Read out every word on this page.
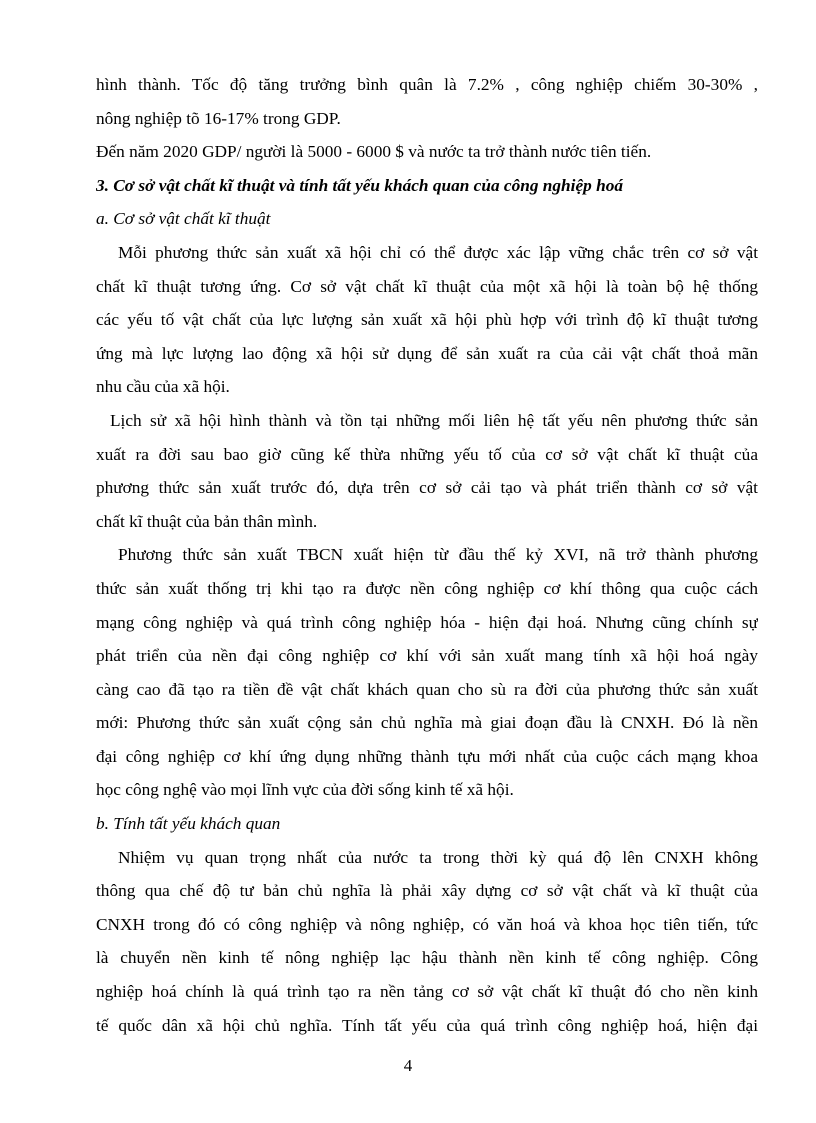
hình thành. Tốc độ tăng trưởng bình quân là 7.2% , công nghiệp chiếm 30-30% ,
nông nghiệp tõ 16-17% trong GDP.
Đến năm 2020 GDP/ người là 5000 - 6000 $ và nước ta trở thành nước tiên tiến.
3. Cơ sở vật chất kĩ thuật và tính tất yếu khách quan của công nghiệp hoá
a. Cơ sở vật chất kĩ thuật
Mỗi phương thức sản xuất xã hội chỉ có thể được xác lập vững chắc trên cơ sở vật
chất kĩ thuật tương ứng. Cơ sở vật chất kĩ thuật của một xã hội là toàn bộ hệ thống
các yếu tố vật chất của lực lượng sản xuất xã hội phù hợp với trình độ kĩ thuật tương
ứng mà lực lượng lao động xã hội sử dụng để sản xuất ra của cải vật chất thoả mãn
nhu cầu của xã hội.
Lịch sử xã hội hình thành và tồn tại những mối liên hệ tất yếu nên phương thức sản
xuất ra đời sau bao giờ cũng kế thừa những yếu tố của cơ sở vật chất kĩ thuật của
phương thức sản xuất trước đó, dựa trên cơ sở cải tạo và phát triển thành cơ sở vật
chất kĩ thuật của bản thân mình.
Phương thức sản xuất TBCN xuất hiện từ đầu thế kỷ XVI, nã trở thành phương
thức sản xuất thống trị khi tạo ra được nền công nghiệp cơ khí thông qua cuộc cách
mạng công nghiệp và quá trình công nghiệp hóa - hiện đại hoá. Nhưng cũng chính sự
phát triển của nền đại công nghiệp cơ khí với sản xuất mang tính xã hội hoá ngày
càng cao đã tạo ra tiền đề vật chất khách quan cho sù ra đời của phương thức sản xuất
mới: Phương thức sản xuất cộng sản chủ nghĩa mà giai đoạn đầu là CNXH. Đó là nền
đại công nghiệp cơ khí ứng dụng những thành tựu mới nhất của cuộc cách mạng khoa
học công nghệ vào mọi lĩnh vực của đời sống kinh tế xã hội.
b. Tính tất yếu khách quan
Nhiệm vụ quan trọng nhất của nước ta trong thời kỳ quá độ lên CNXH không
thông qua chế độ tư bản chủ nghĩa là phải xây dựng cơ sở vật chất và kĩ thuật của
CNXH trong đó có công nghiệp và nông nghiệp, có văn hoá và khoa học tiên tiến, tức
là chuyển nền kinh tế nông nghiệp lạc hậu thành nền kinh tế công nghiệp. Công
nghiệp hoá chính là quá trình tạo ra nền tảng cơ sở vật chất kĩ thuật đó cho nền kinh
tế quốc dân xã hội chủ nghĩa. Tính tất yếu của quá trình công nghiệp hoá, hiện đại
4
